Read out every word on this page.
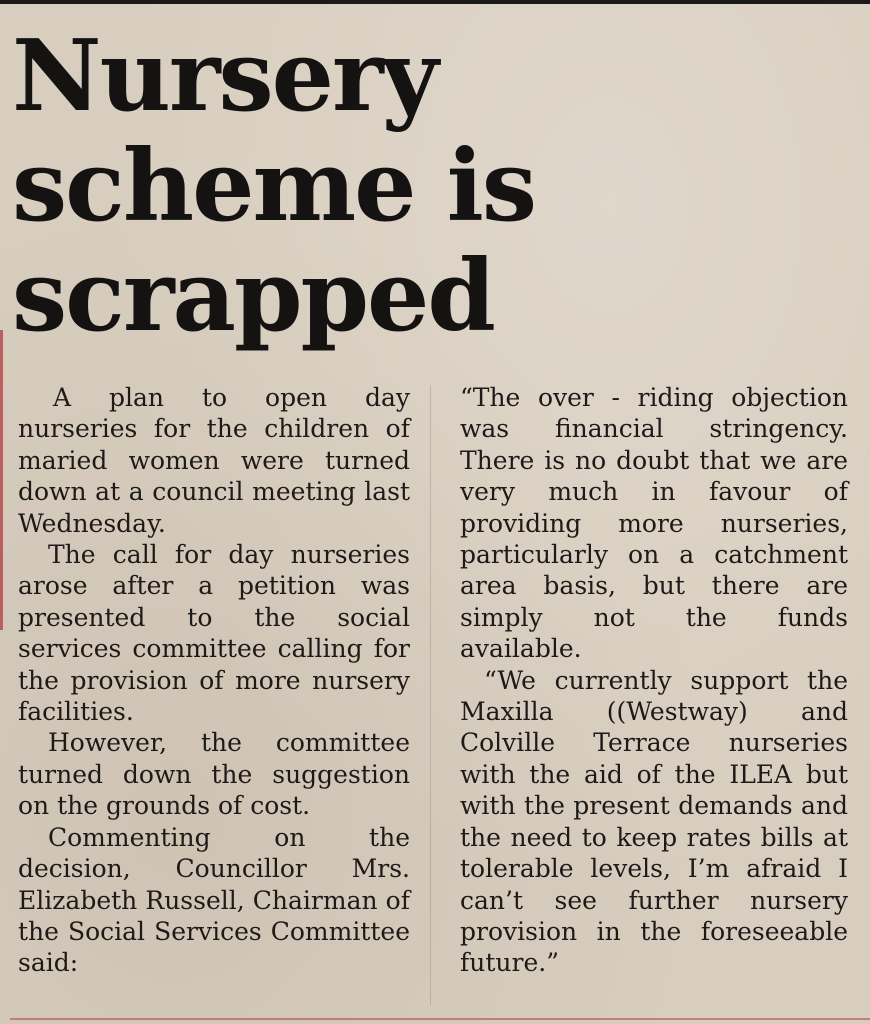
Nursery
scheme is
scrapped

A plan to open day nurseries for the children of maried women were turned down at a council meeting last Wednesday.

The call for day nurseries arose after a petition was presented to the social services committee calling for the provision of more nursery facilities.

However, the committee turned down the suggestion on the grounds of cost.

Commenting on the decision, Councillor Mrs. Elizabeth Russell, Chairman of the Social Services Committee said:

“The over - riding objection was financial stringency. There is no doubt that we are very much in favour of providing more nurseries, particularly on a catchment area basis, but there are simply not the funds available.

“We currently support the Maxilla ((Westway) and Colville Terrace nurseries with the aid of the ILEA but with the present demands and the need to keep rates bills at tolerable levels, I’m afraid I can’t see further nursery provision in the foreseeable future.”
